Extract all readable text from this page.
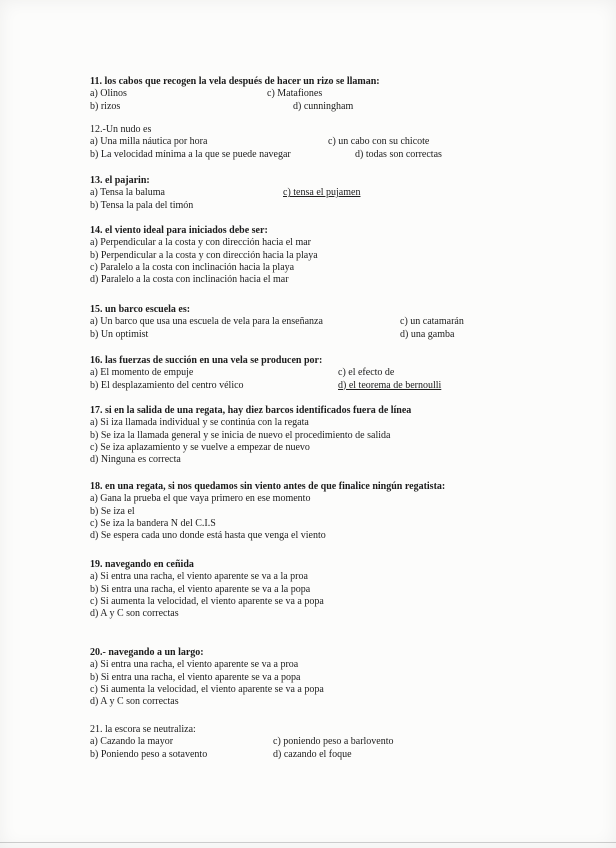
11. los cabos que recogen la vela después de hacer un rizo se llaman:
a) Olinos	c) Matafiones
b) rizos	d) cunningham
12.-Un nudo es
a) Una milla náutica por hora	c) un cabo con su chicote
b) La velocidad mínima a la que se puede navegar	d) todas son correctas
13. el pajarin:
a) Tensa la baluma	c) tensa el pujamen
b) Tensa la pala del timón
14. el viento ideal para iniciados debe ser:
a) Perpendicular a la costa y con dirección hacia el mar
b) Perpendicular a la costa y con dirección hacia la playa
c) Paralelo a la costa con inclinación hacia la playa
d) Paralelo a la costa con inclinación hacia el mar
15. un barco escuela es:
a) Un barco que usa una escuela de vela para la enseñanza	c) un catamarán
b) Un optimist	d) una gamba
16. las fuerzas de succión en una vela se producen por:
a) El momento de empuje	c) el efecto de
b) El desplazamiento del centro vélico	d) el teorema de bernoulli
17. si en la salida de una regata, hay diez barcos identificados fuera de línea
a) Si iza llamada individual y se continúa con la regata
b) Se iza la llamada general y se inicia de nuevo el procedimiento de salida
c) Se iza aplazamiento y se vuelve a empezar de nuevo
d) Ninguna es correcta
18. en una regata, si nos quedamos sin viento antes de que finalice ningún regatista:
a) Gana la prueba el que vaya primero en ese momento
b) Se iza el
c) Se iza la bandera N del C.I.S
d) Se espera cada uno donde está hasta que venga el viento
19. navegando en ceñida
a) Si entra una racha, el viento aparente se va a la proa
b) Si entra una racha, el viento aparente se va a la popa
c) Si aumenta la velocidad, el viento aparente se va a popa
d) A y C son correctas
20.- navegando a un largo:
a) Si entra una racha, el viento aparente se va a proa
b) Si entra una racha, el viento aparente se va a popa
c) Si aumenta la velocidad, el viento aparente se va a popa
d) A y C son correctas
21. la escora se neutraliza:
a) Cazando la mayor	c) poniendo peso a barlovento
b) Poniendo peso a sotavento	d) cazando el foque
